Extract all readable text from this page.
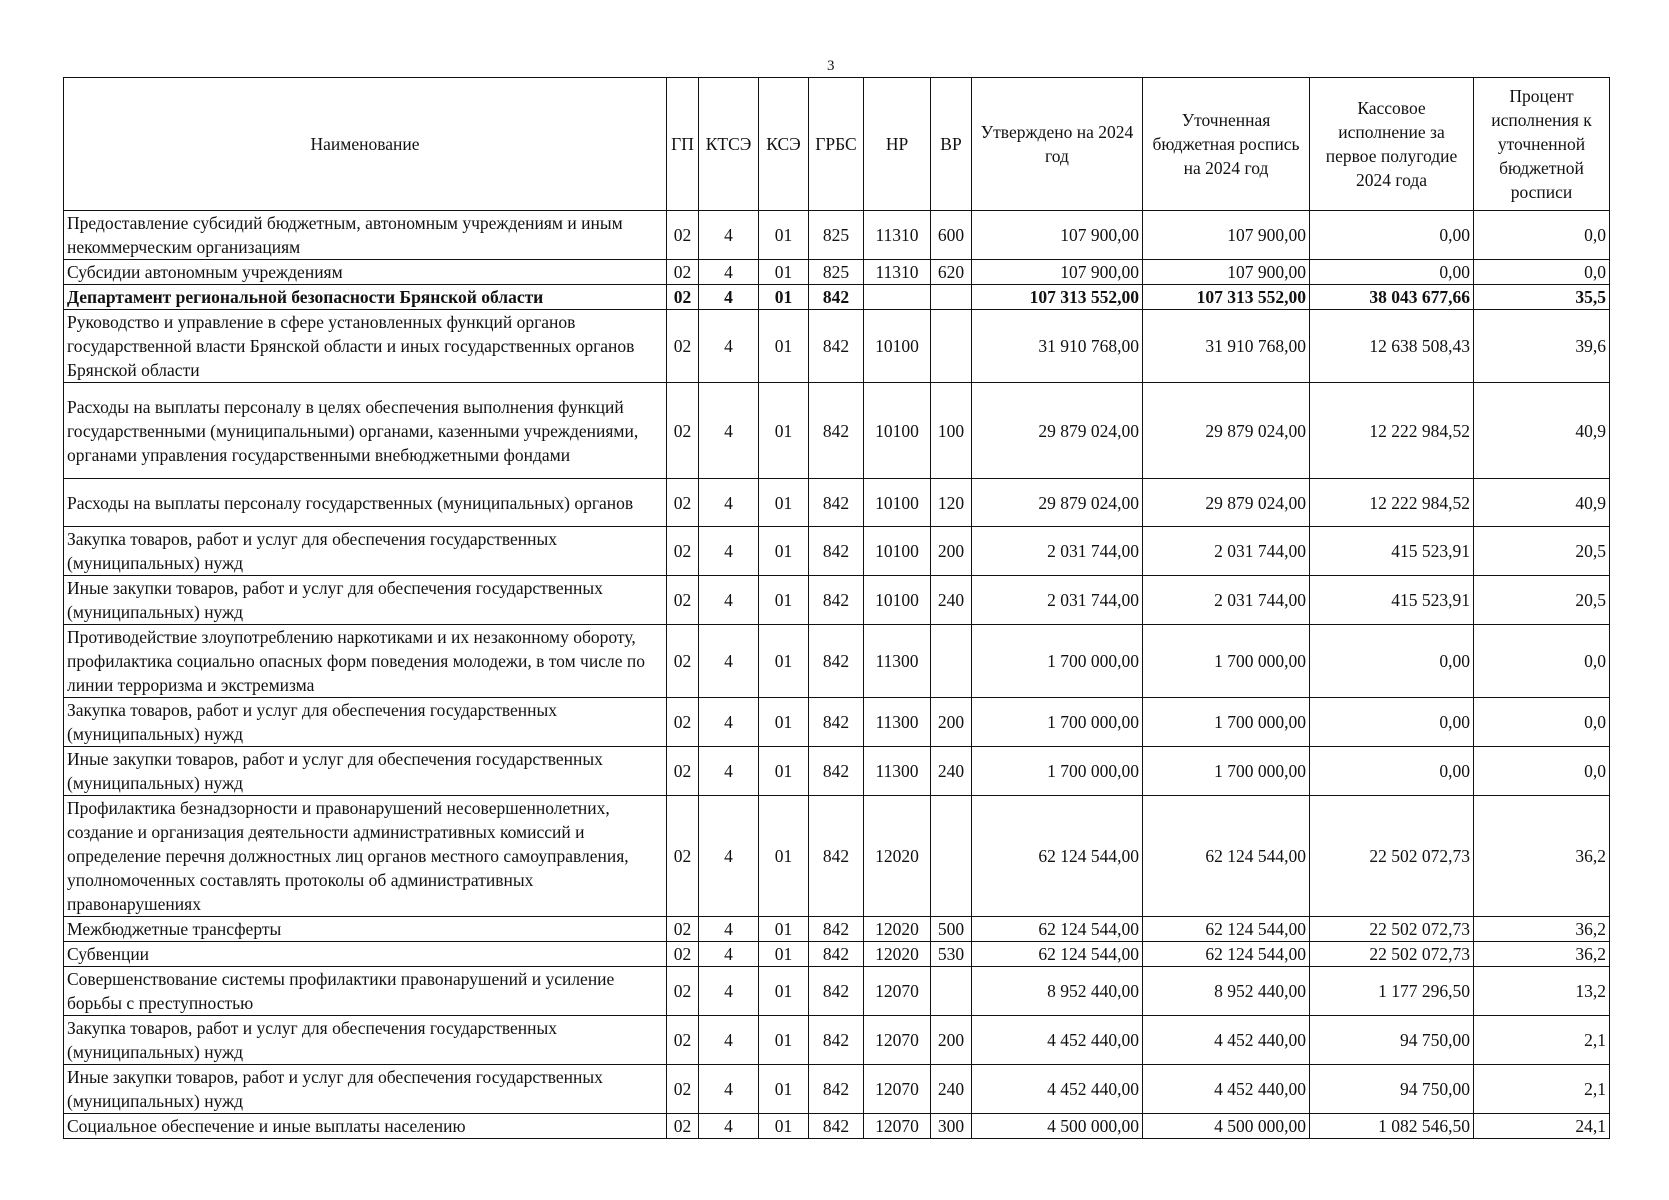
3
Наименование	ГП	КТСЭ	КСЭ	ГРБС	НР	ВР	Утверждено на 2024 год	Уточненная бюджетная роспись на 2024 год	Кассовое исполнение за первое полугодие 2024 года	Процент исполнения к уточненной бюджетной росписи
Предоставление субсидий бюджетным, автономным учреждениям и иным некоммерческим организациям	02	4	01	825	11310	600	107 900,00	107 900,00	0,00	0,0
Субсидии автономным учреждениям	02	4	01	825	11310	620	107 900,00	107 900,00	0,00	0,0
Департамент региональной безопасности Брянской области	02	4	01	842			107 313 552,00	107 313 552,00	38 043 677,66	35,5
Руководство и управление в сфере установленных функций органов государственной власти Брянской области и иных государственных органов Брянской области	02	4	01	842	10100		31 910 768,00	31 910 768,00	12 638 508,43	39,6
Расходы на выплаты персоналу в целях обеспечения выполнения функций государственными (муниципальными) органами, казенными учреждениями, органами управления государственными внебюджетными фондами	02	4	01	842	10100	100	29 879 024,00	29 879 024,00	12 222 984,52	40,9
Расходы на выплаты персоналу государственных (муниципальных) органов	02	4	01	842	10100	120	29 879 024,00	29 879 024,00	12 222 984,52	40,9
Закупка товаров, работ и услуг для обеспечения государственных (муниципальных) нужд	02	4	01	842	10100	200	2 031 744,00	2 031 744,00	415 523,91	20,5
Иные закупки товаров, работ и услуг для обеспечения государственных (муниципальных) нужд	02	4	01	842	10100	240	2 031 744,00	2 031 744,00	415 523,91	20,5
Противодействие злоупотреблению наркотиками и их незаконному обороту, профилактика социально опасных форм поведения молодежи, в том числе по линии терроризма и экстремизма	02	4	01	842	11300		1 700 000,00	1 700 000,00	0,00	0,0
Закупка товаров, работ и услуг для обеспечения государственных (муниципальных) нужд	02	4	01	842	11300	200	1 700 000,00	1 700 000,00	0,00	0,0
Иные закупки товаров, работ и услуг для обеспечения государственных (муниципальных) нужд	02	4	01	842	11300	240	1 700 000,00	1 700 000,00	0,00	0,0
Профилактика безнадзорности и правонарушений несовершеннолетних, создание и организация деятельности административных комиссий и определение перечня должностных лиц органов местного самоуправления, уполномоченных составлять протоколы об административных правонарушениях	02	4	01	842	12020		62 124 544,00	62 124 544,00	22 502 072,73	36,2
Межбюджетные трансферты	02	4	01	842	12020	500	62 124 544,00	62 124 544,00	22 502 072,73	36,2
Субвенции	02	4	01	842	12020	530	62 124 544,00	62 124 544,00	22 502 072,73	36,2
Совершенствование системы профилактики правонарушений и усиление борьбы с преступностью	02	4	01	842	12070		8 952 440,00	8 952 440,00	1 177 296,50	13,2
Закупка товаров, работ и услуг для обеспечения государственных (муниципальных) нужд	02	4	01	842	12070	200	4 452 440,00	4 452 440,00	94 750,00	2,1
Иные закупки товаров, работ и услуг для обеспечения государственных (муниципальных) нужд	02	4	01	842	12070	240	4 452 440,00	4 452 440,00	94 750,00	2,1
Социальное обеспечение и иные выплаты населению	02	4	01	842	12070	300	4 500 000,00	4 500 000,00	1 082 546,50	24,1
